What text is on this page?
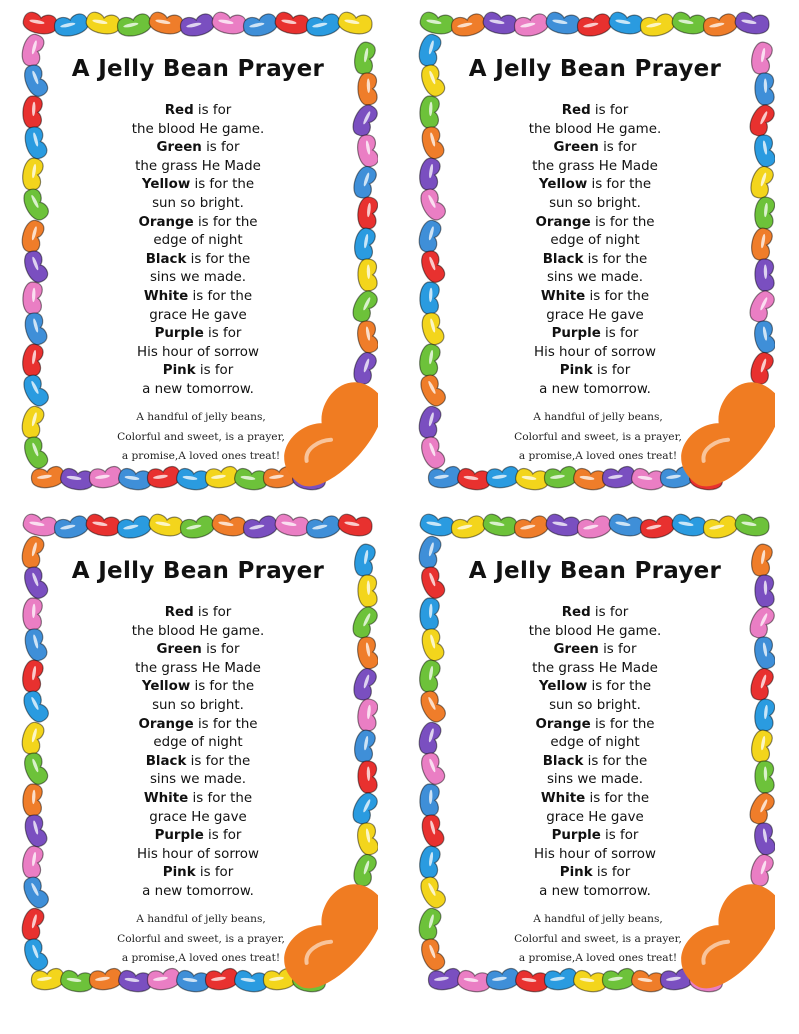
A Jelly Bean Prayer
Red is for
the blood He game.
Green is for
the grass He Made
Yellow is for the
sun so bright.
Orange is for the
edge of night
Black is for the
sins we made.
White is for the
grace He gave
Purple is for
His hour of sorrow
Pink is for
a new tomorrow.
A handful of jelly beans,
Colorful and sweet, is a prayer,
a promise,A loved ones treat!
A Jelly Bean Prayer
Red is for
the blood He game.
Green is for
the grass He Made
Yellow is for the
sun so bright.
Orange is for the
edge of night
Black is for the
sins we made.
White is for the
grace He gave
Purple is for
His hour of sorrow
Pink is for
a new tomorrow.
A handful of jelly beans,
Colorful and sweet, is a prayer,
a promise,A loved ones treat!
A Jelly Bean Prayer
Red is for
the blood He game.
Green is for
the grass He Made
Yellow is for the
sun so bright.
Orange is for the
edge of night
Black is for the
sins we made.
White is for the
grace He gave
Purple is for
His hour of sorrow
Pink is for
a new tomorrow.
A handful of jelly beans,
Colorful and sweet, is a prayer,
a promise,A loved ones treat!
A Jelly Bean Prayer
Red is for
the blood He game.
Green is for
the grass He Made
Yellow is for the
sun so bright.
Orange is for the
edge of night
Black is for the
sins we made.
White is for the
grace He gave
Purple is for
His hour of sorrow
Pink is for
a new tomorrow.
A handful of jelly beans,
Colorful and sweet, is a prayer,
a promise,A loved ones treat!
